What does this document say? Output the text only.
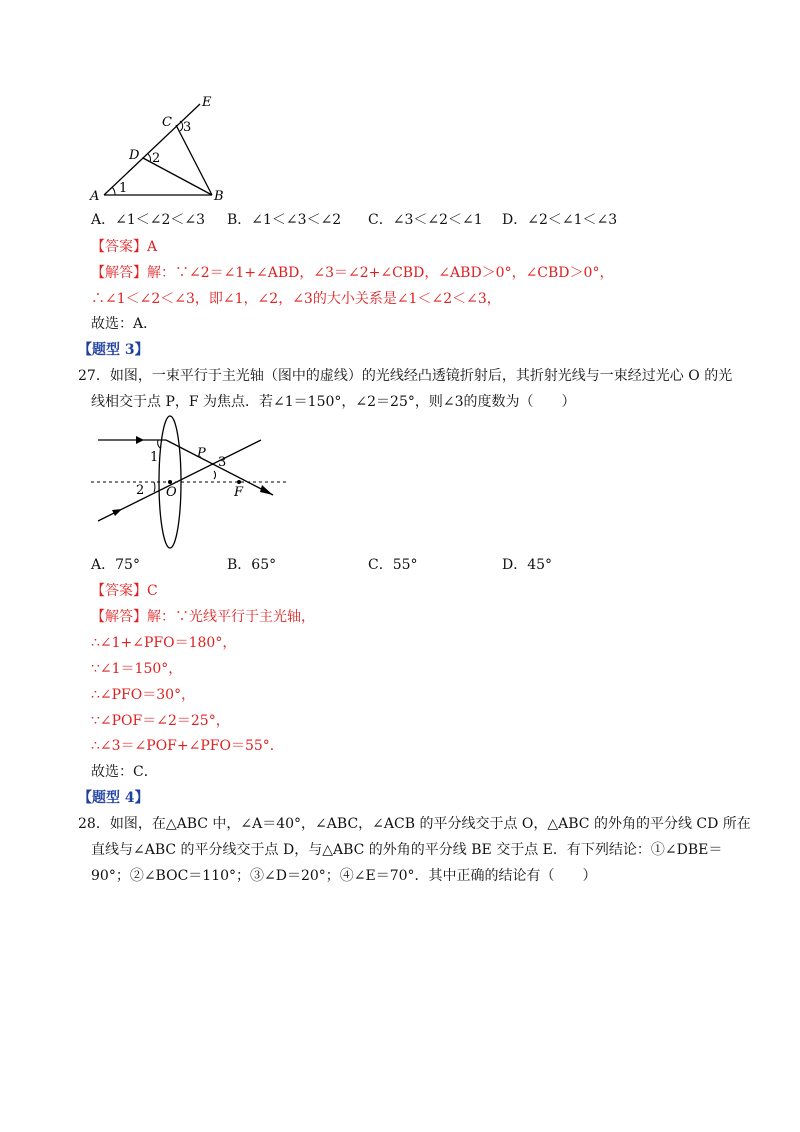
E
C 3
D 2
A
1
B
A．∠1＜∠2＜∠3 B．∠1＜∠3＜∠2 C．∠3＜∠2＜∠1 D．∠2＜∠1＜∠3
【答案】A
【解答】解：∵∠2＝∠1+∠ABD，∠3＝∠2+∠CBD，∠ABD＞0°，∠CBD＞0°，
∴∠1＜∠2＜∠3，即∠1，∠2，∠3的大小关系是∠1＜∠2＜∠3，
故选：A．
【题型 3】
27．如图，一束平行于主光轴（图中的虚线）的光线经凸透镜折射后，其折射光线与一束经过光心 O 的光
线相交于点 P，F 为焦点．若∠1＝150°，∠2＝25°，则∠3的度数为（　　）
1	P
3
2 O	F
A．75°	B．65°	C．55°	D．45°
【答案】C
【解答】解：∵光线平行于主光轴，
∴∠1+∠PFO＝180°，
∵∠1＝150°，
∴∠PFO＝30°，
∵∠POF＝∠2＝25°，
∴∠3＝∠POF+∠PFO＝55°．
故选：C．
【题型 4】
28．如图，在△ABC 中，∠A＝40°，∠ABC，∠ACB 的平分线交于点 O，△ABC 的外角的平分线 CD 所在
直线与∠ABC 的平分线交于点 D，与△ABC 的外角的平分线 BE 交于点 E．有下列结论：①∠DBE＝
90°；②∠BOC＝110°；③∠D＝20°；④∠E＝70°．其中正确的结论有（　　）
